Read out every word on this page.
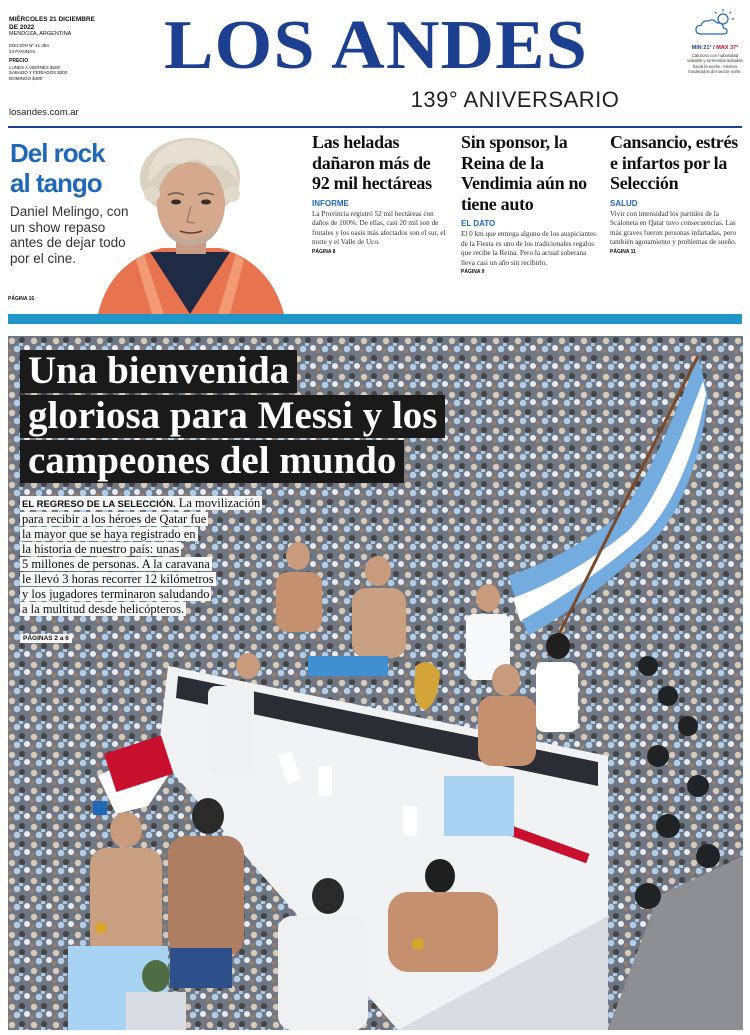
MIÉRCOLES 21 DICIEMBRE DE 2022
MENDOZA, ARGENTINA
EDICIÓN Nº 41.354
24 PÁGINAS
PRECIO
LUNES A VIERNES $200
SÁBADO Y FERIADOS $300
DOMINGO $400
losandes.com.ar
LOS ANDES
139° ANIVERSARIO
MIN 21° / MAX 37°
Caluroso con nubosidad variable y tormentas aisladas hacia la noche. Vientos moderados del sector norte.
Del rock al tango
Daniel Melingo, con un show repaso antes de dejar todo por el cine.
PÁGINA 16
Las heladas dañaron más de 92 mil hectáreas
INFORME

La Provincia registró 52 mil hectáreas con daños de 100%. De ellas, casi 20 mil son de frutales y los oasis más afectados son el sur, el norte y el Valle de Uco.

PÁGINA 8
Sin sponsor, la Reina de la Vendimia aún no tiene auto
EL DATO

El 0 km que entrega alguno de los auspiciantes de la Fiesta es uno de los tradicionales regalos que recibe la Reina. Pero la actual soberana lleva casi un año sin recibirlo.

PÁGINA 9
Cansancio, estrés e infartos por la Selección
SALUD

Vivir con intensidad los partidos de la Scaloneta en Qatar tuvo consecuencias. Las más graves fueron personas infartadas, pero también agotamiento y problemas de sueño.

PÁGINA 11
Una bienvenida
gloriosa para Messi y los
campeones del mundo
EL REGRESO DE LA SELECCIÓN. La movilización
para recibir a los héroes de Qatar fue
la mayor que se haya registrado en
la historia de nuestro país: unas
5 millones de personas. A la caravana
le llevó 3 horas recorrer 12 kilómetros
y los jugadores terminaron saludando
a la multitud desde helicópteros.
PÁGINAS 2 a 6
